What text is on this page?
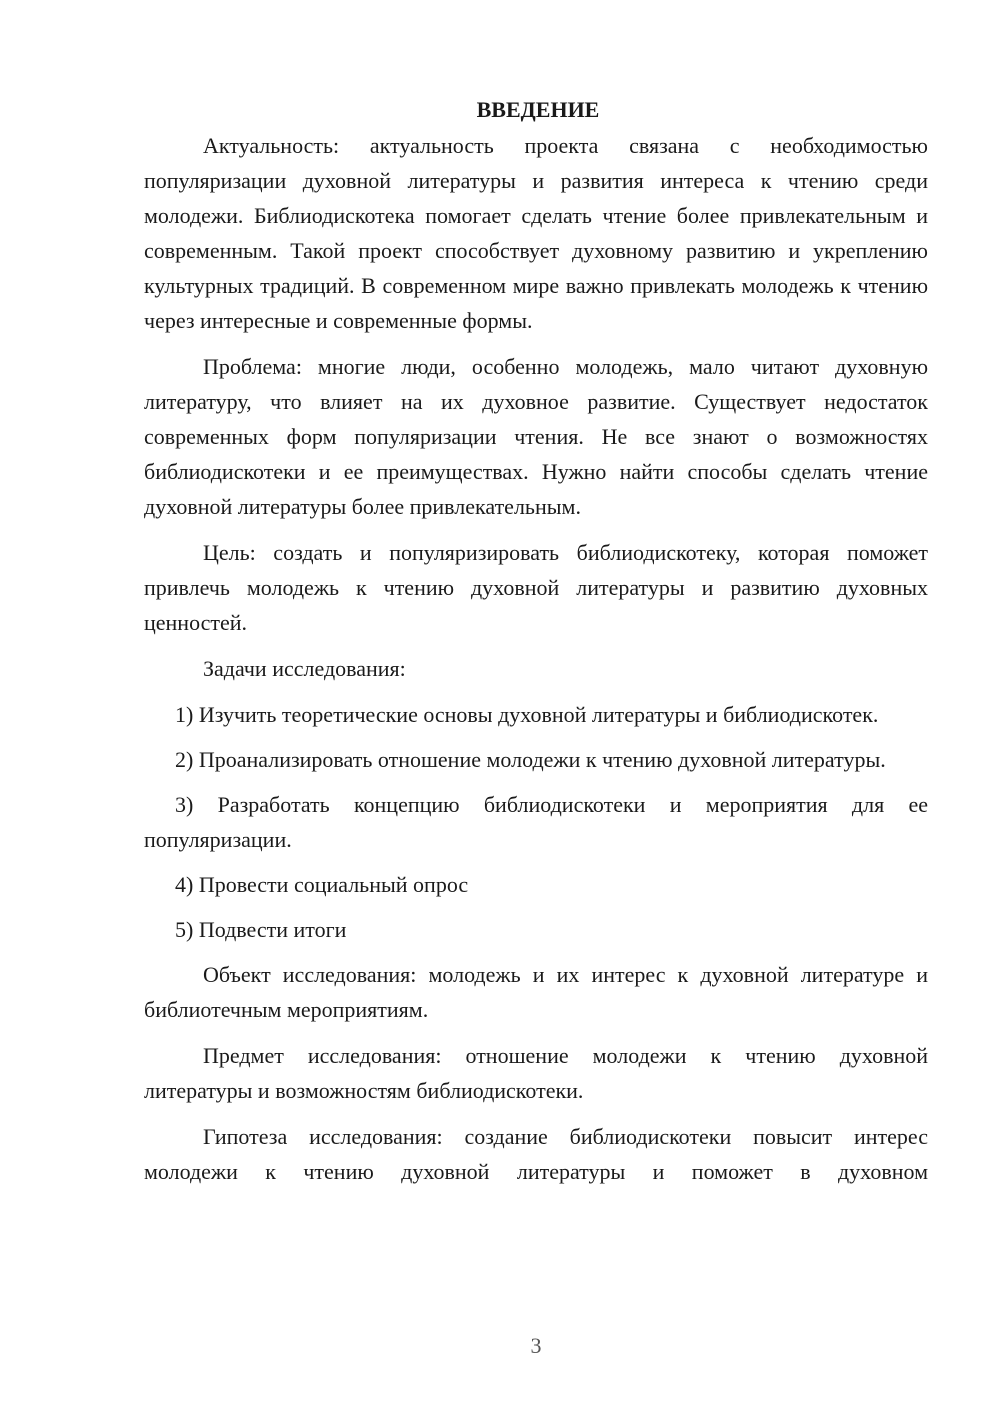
ВВЕДЕНИЕ

Актуальность: актуальность проекта связана с необходимостью популяризации духовной литературы и развития интереса к чтению среди молодежи. Библиодискотека помогает сделать чтение более привлекательным и современным. Такой проект способствует духовному развитию и укреплению культурных традиций. В современном мире важно привлекать молодежь к чтению через интересные и современные формы.

Проблема: многие люди, особенно молодежь, мало читают духовную литературу, что влияет на их духовное развитие. Существует недостаток современных форм популяризации чтения. Не все знают о возможностях библиодискотеки и ее преимуществах. Нужно найти способы сделать чтение духовной литературы более привлекательным.

Цель: создать и популяризировать библиодискотеку, которая поможет привлечь молодежь к чтению духовной литературы и развитию духовных ценностей.

Задачи исследования:

1) Изучить теоретические основы духовной литературы и библиодискотек.

2) Проанализировать отношение молодежи к чтению духовной литературы.

3) Разработать концепцию библиодискотеки и мероприятия для ее популяризации.

4) Провести социальный опрос

5) Подвести итоги

Объект исследования: молодежь и их интерес к духовной литературе и библиотечным мероприятиям.

Предмет исследования: отношение молодежи к чтению духовной литературы и возможностям библиодискотеки.

Гипотеза исследования: создание библиодискотеки повысит интерес молодежи к чтению духовной литературы и поможет в духовном

3
